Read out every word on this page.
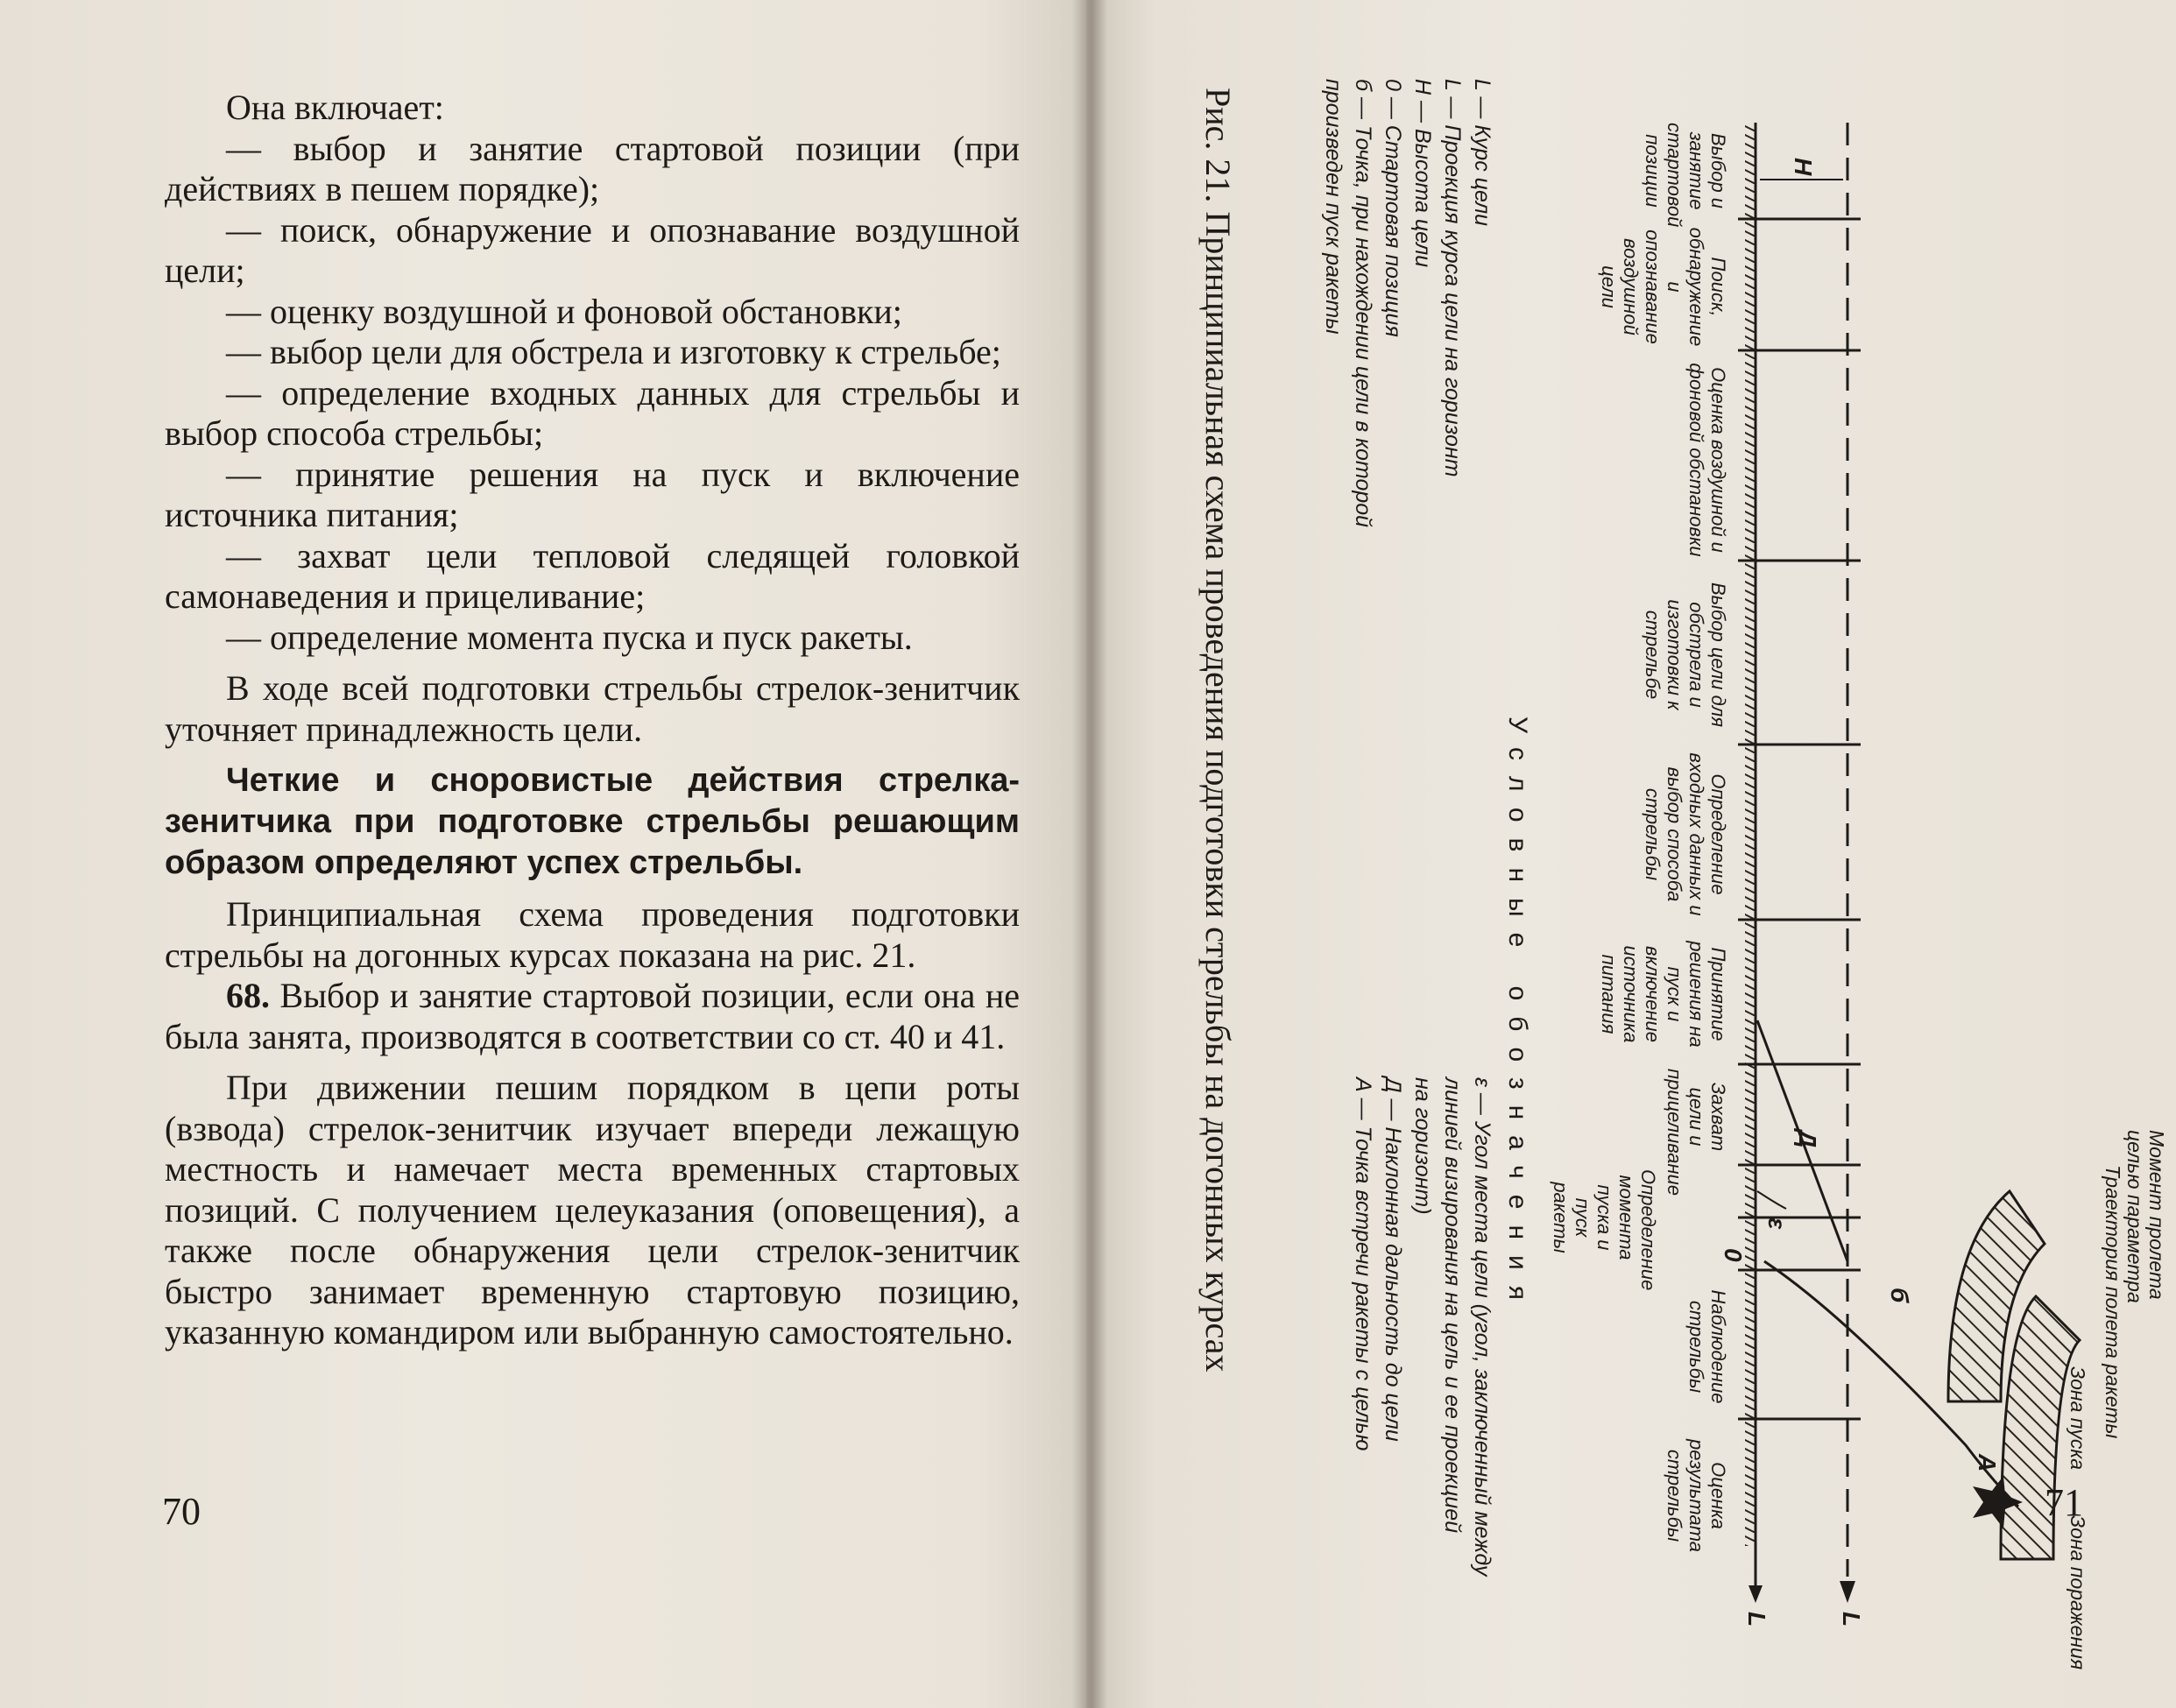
Она включает:

— выбор и занятие стартовой позиции (при действиях в пешем порядке);

— поиск, обнаружение и опознавание воздушной цели;

— оценку воздушной и фоновой обстановки;

— выбор цели для обстрела и изготовку к стрельбе;

— определение входных данных для стрельбы и выбор способа стрельбы;

— принятие решения на пуск и включение источника питания;

— захват цели тепловой следящей головкой самонаведения и прицеливание;

— определение момента пуска и пуск ракеты.

В ходе всей подготовки стрельбы стрелок-зенитчик уточняет принадлежность цели.

Четкие и сноровистые действия стрелка-зенитчика при подготовке стрельбы решающим образом определяют успех стрельбы.

Принципиальная схема проведения подготовки стрельбы на догонных курсах показана на рис. 21.

68. Выбор и занятие стартовой позиции, если она не была занята, производятся в соответствии со ст. 40 и 41.

При движении пешим порядком в цепи роты (взвода) стрелок-зенитчик изучает впереди лежащую местность и намечает места временных стартовых позиций. С получением целеуказания (оповещения), а также после обнаружения цели стрелок-зенитчик быстро занимает временную стартовую позицию, указанную командиром или выбранную самостоятельно.

70
Момент пролета целью параметра
Траектория полета ракеты
Зона пуска
Зона поражения
L
L
H
Д
ε
0
б
А
Выбор и занятие стартовой позиции
Поиск, обнаружение и опознавание воздушной цели
Оценка воздушной и фоновой обстановки
Выбор цели для обстрела и изготовки к стрельбе
Определение входных данных и выбор способа стрельбы
Принятие решения на пуск и включение источника питания
Захват цели и прицеливание
Определение момента пуска и пуск ракеты
Наблюдение стрельбы
Оценка результата стрельбы
Условные обозначения
L — Курс цели
L — Проекция курса цели на горизонт
Н — Высота цели
0 — Стартовая позиция
б — Точка, при нахождении цели в которой
произведен пуск ракеты
ε — Угол места цели (угол, заключенный между
линией визирования на цель и ее проекцией
на горизонт)
Д — Наклонная дальность до цели
А — Точка встречи ракеты с целью
Рис. 21. Принципиальная схема проведения подготовки стрельбы на догонных курсах
71
